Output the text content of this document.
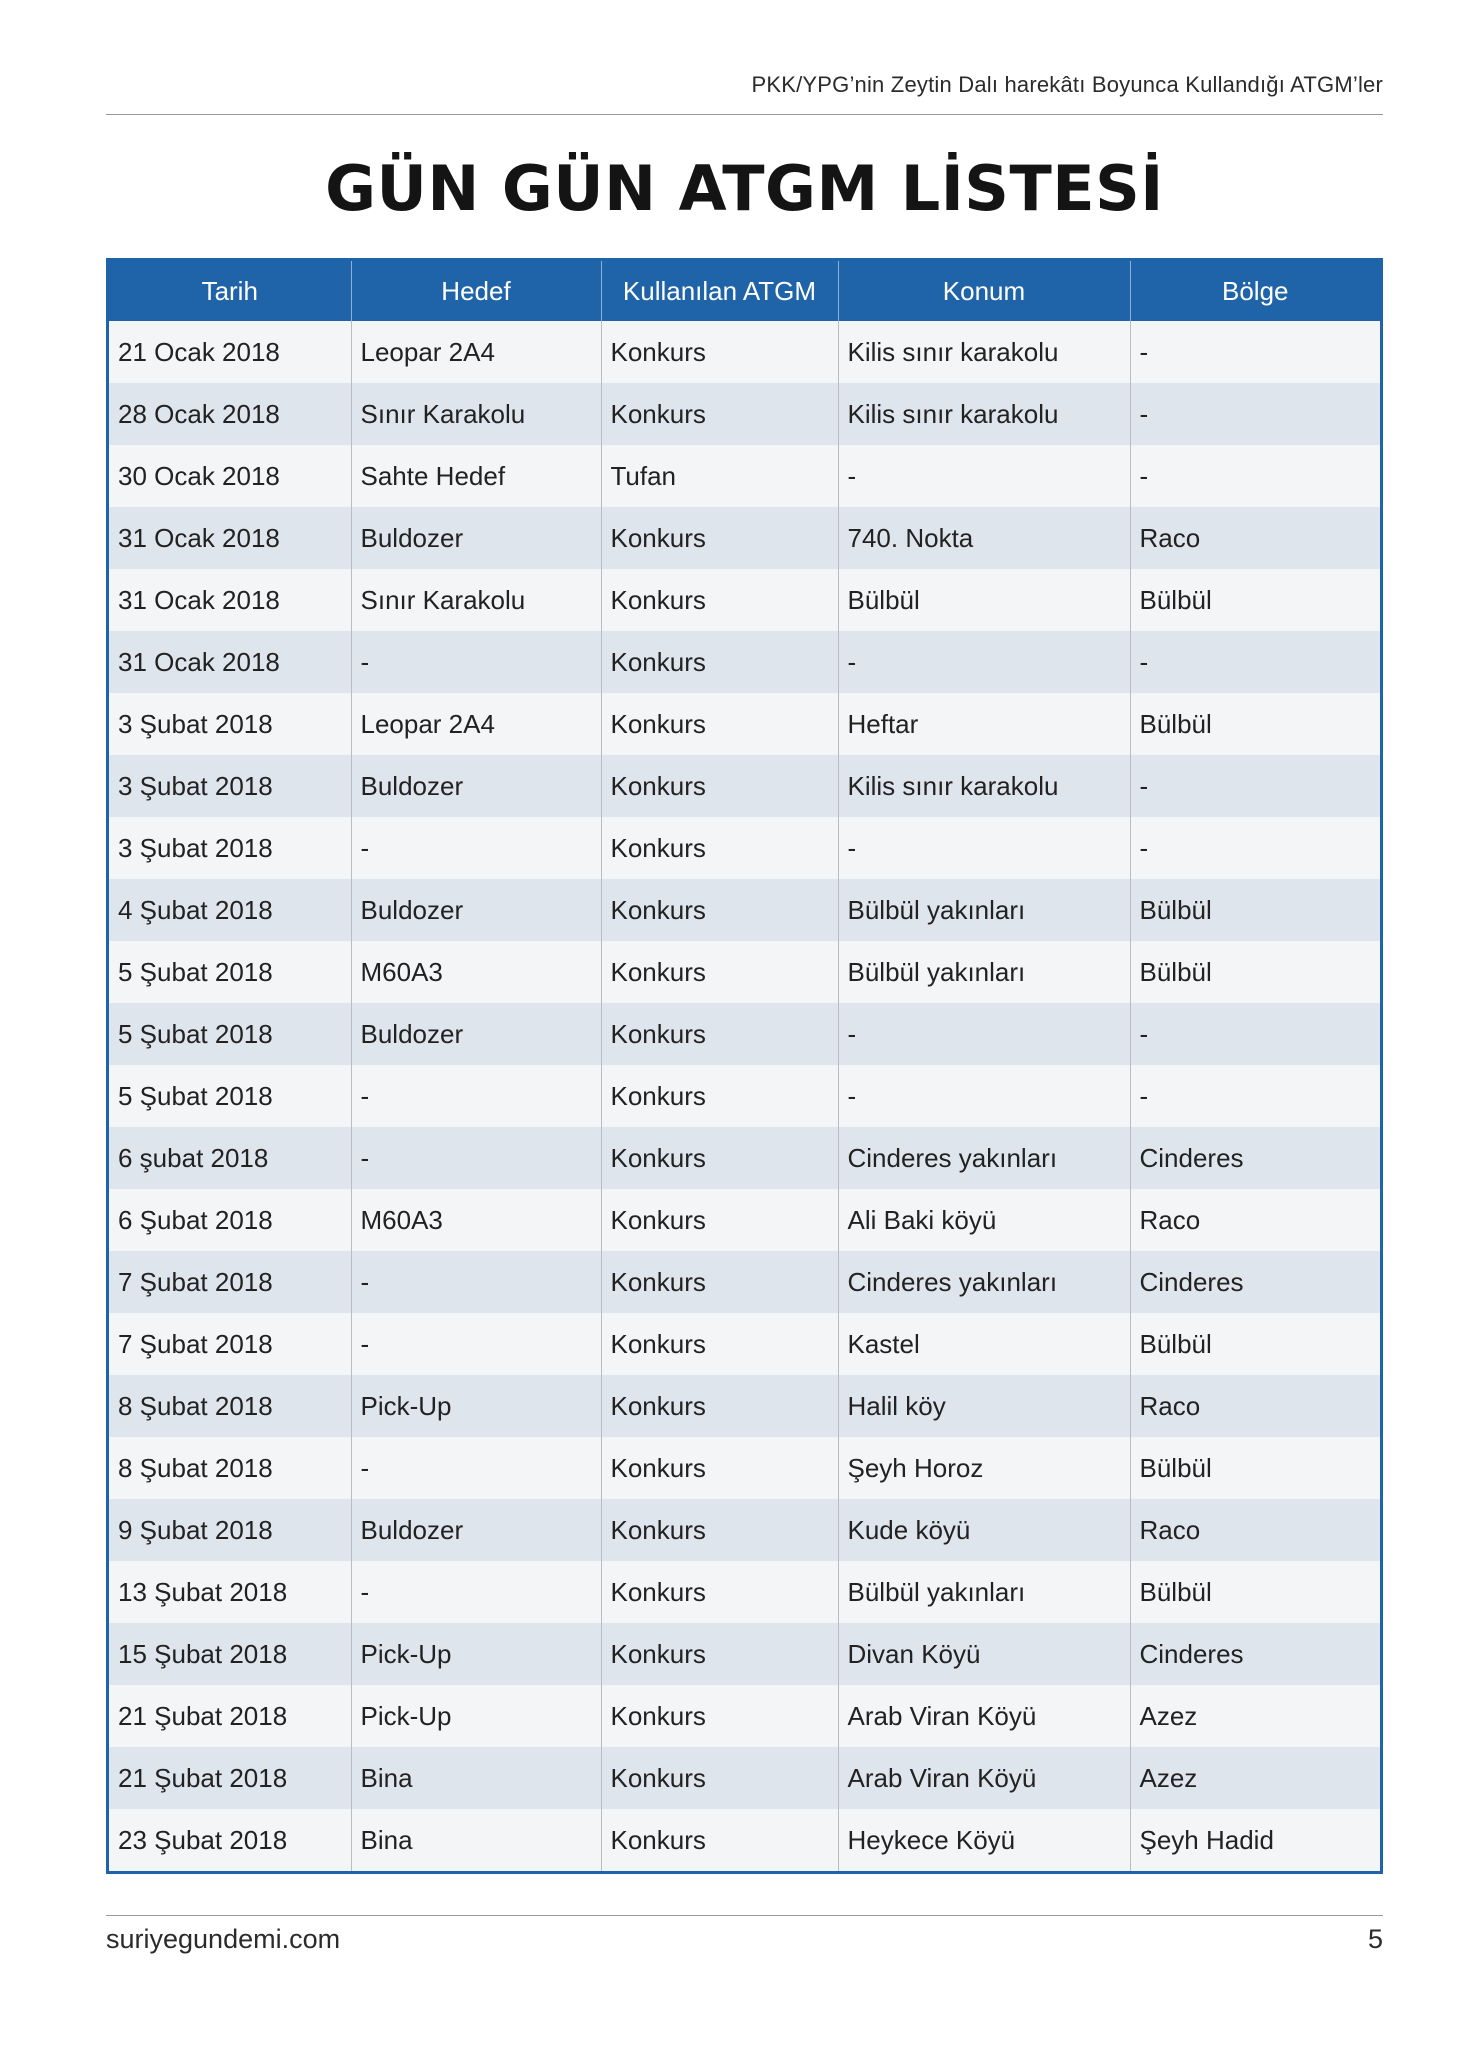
PKK/YPG’nin Zeytin Dalı harekâtı Boyunca Kullandığı ATGM’ler
GÜN GÜN ATGM LİSTESİ
Tarih	Hedef	Kullanılan ATGM	Konum	Bölge
21 Ocak 2018	Leopar 2A4	Konkurs	Kilis sınır karakolu	-
28 Ocak 2018	Sınır Karakolu	Konkurs	Kilis sınır karakolu	-
30 Ocak 2018	Sahte Hedef	Tufan	-	-
31 Ocak 2018	Buldozer	Konkurs	740. Nokta	Raco
31 Ocak 2018	Sınır Karakolu	Konkurs	Bülbül	Bülbül
31 Ocak 2018	-	Konkurs	-	-
3 Şubat 2018	Leopar 2A4	Konkurs	Heftar	Bülbül
3 Şubat 2018	Buldozer	Konkurs	Kilis sınır karakolu	-
3 Şubat 2018	-	Konkurs	-	-
4 Şubat 2018	Buldozer	Konkurs	Bülbül yakınları	Bülbül
5 Şubat 2018	M60A3	Konkurs	Bülbül yakınları	Bülbül
5 Şubat 2018	Buldozer	Konkurs	-	-
5 Şubat 2018	-	Konkurs	-	-
6 şubat 2018	-	Konkurs	Cinderes yakınları	Cinderes
6 Şubat 2018	M60A3	Konkurs	Ali Baki köyü	Raco
7 Şubat 2018	-	Konkurs	Cinderes yakınları	Cinderes
7 Şubat 2018	-	Konkurs	Kastel	Bülbül
8 Şubat 2018	Pick-Up	Konkurs	Halil köy	Raco
8 Şubat 2018	-	Konkurs	Şeyh Horoz	Bülbül
9 Şubat 2018	Buldozer	Konkurs	Kude köyü	Raco
13 Şubat 2018	-	Konkurs	Bülbül yakınları	Bülbül
15 Şubat 2018	Pick-Up	Konkurs	Divan Köyü	Cinderes
21 Şubat 2018	Pick-Up	Konkurs	Arab Viran Köyü	Azez
21 Şubat 2018	Bina	Konkurs	Arab Viran Köyü	Azez
23 Şubat 2018	Bina	Konkurs	Heykece Köyü	Şeyh Hadid
suriyegundemi.com	5
